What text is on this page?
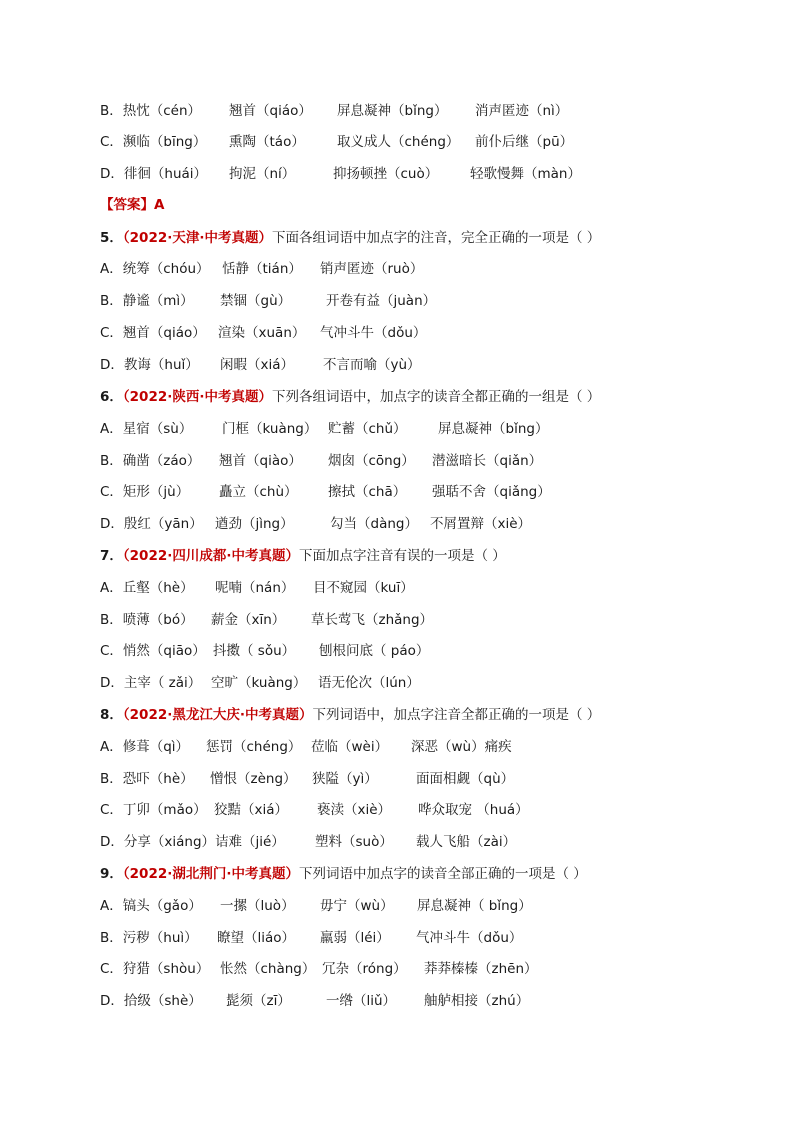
B．热忱（cén） 翘首（qiáo） 屏息凝神（bǐng） 消声匿迹（nì）
C．濒临（bīng） 熏陶（táo） 取义成人（chéng） 前仆后继（pū）
D．徘徊（huái） 拘泥（ní）	抑扬顿挫（cuò） 轻歌慢舞（màn）
【答案】A
5．（2022·天津·中考真题）下面各组词语中加点字的注音，完全正确的一项是（ ）
A．统筹（chóu） 恬静（tián） 销声匿迹（ruò）
B．静谧（mì） 禁锢（gù）	开卷有益（juàn）
C．翘首（qiáo） 渲染（xuān） 气冲斗牛（dǒu）
D．教诲（huǐ） 闲暇（xiá） 不言而喻（yù）
6．（2022·陕西·中考真题）下列各组词语中，加点字的读音全都正确的一组是（ ）
A．星宿（sù） 门框（kuàng） 贮蓄（chǔ） 屏息凝神（bǐng）
B．确凿（záo） 翘首（qiào） 烟囱（cōng） 潜滋暗长（qiǎn）
C．矩形（jù） 矗立（chù） 擦拭（chā） 强聒不舍（qiǎng）
D．殷红（yān） 遒劲（jìng）	勾当（dàng） 不屑置辩（xiè）
7．（2022·四川成都·中考真题）下面加点字注音有误的一项是（ ）
A．丘壑（hè） 呢喃（nán） 目不窥园（kuī）
B．喷薄（bó） 薪金（xīn） 草长莺飞（zhǎng）
C．悄然（qiāo） 抖擞（ sǒu） 刨根问底（ páo）
D．主宰（ zǎi） 空旷（kuàng） 语无伦次（lún）
8．（2022·黑龙江大庆·中考真题）下列词语中，加点字注音全都正确的一项是（ ）
A．修葺（qì） 惩罚（chéng） 莅临（wèi） 深恶（wù）痛疾
B．恐吓（hè） 憎恨（zèng） 狭隘（yì）	面面相觑（qù）
C．丁卯（mǎo） 狡黠（xiá） 亵渎（xiè） 哗众取宠 （huá）
D．分享（xiáng） 诘难（jié） 塑料（suò） 载人飞船（zài）
9．（2022·湖北荆门·中考真题）下列词语中加点字的读音全部正确的一项是（ ）
A．镐头（gǎo） 一摞（luò） 毋宁（wù） 屏息凝神（ bǐng）
B．污秽（huì） 瞭望（liáo） 羸弱（léi） 气冲斗牛（dǒu）
C．狩猎（shòu） 怅然（chàng） 冗杂（róng） 莽莽榛榛（zhēn）
D．拾级（shè） 髭须（zī）	一绺（liǔ） 舳舻相接（zhú）
